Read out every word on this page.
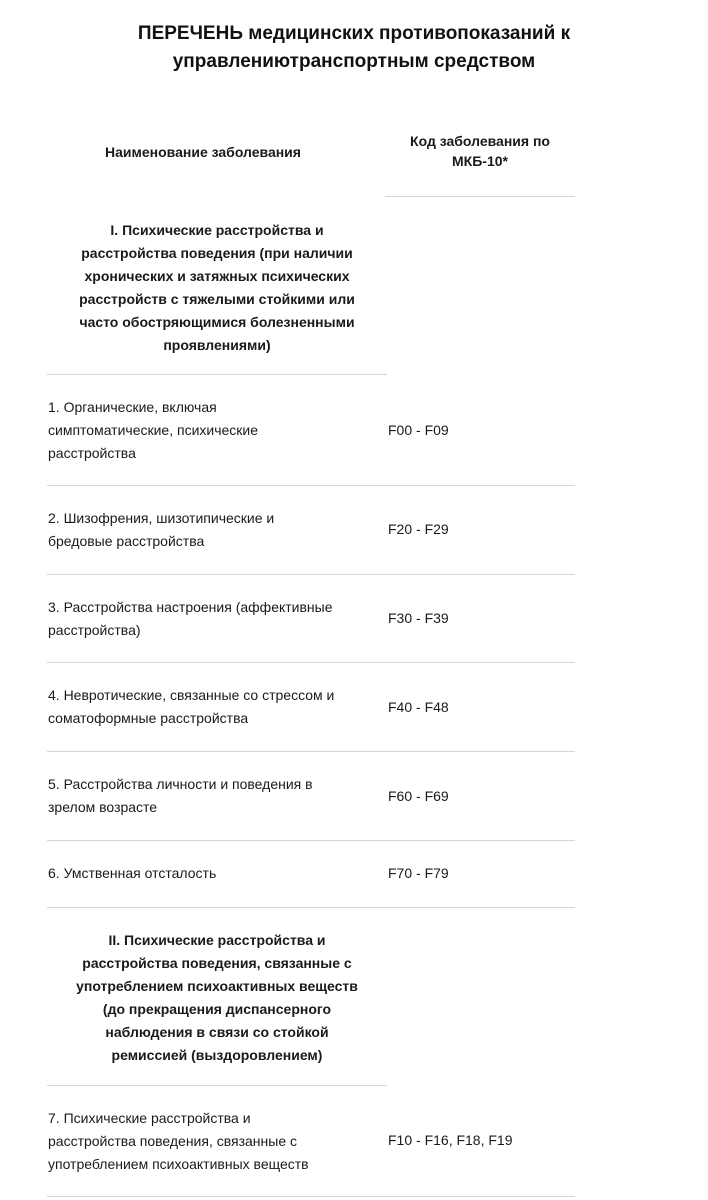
ПЕРЕЧЕНЬ медицинских противопоказаний к
управлениютранспортным средством
Наименование заболевания
Код заболевания по
МКБ-10*
I. Психические расстройства и
расстройства поведения (при наличии
хронических и затяжных психических
расстройств с тяжелыми стойкими или
часто обостряющимися болезненными
проявлениями)
1. Органические, включая
симптоматические, психические
расстройства
F00 - F09
2. Шизофрения, шизотипические и
бредовые расстройства
F20 - F29
3. Расстройства настроения (аффективные
расстройства)
F30 - F39
4. Невротические, связанные со стрессом и
соматоформные расстройства
F40 - F48
5. Расстройства личности и поведения в
зрелом возрасте
F60 - F69
6. Умственная отсталость	F70 - F79
II. Психические расстройства и
расстройства поведения, связанные с
употреблением психоактивных веществ
(до прекращения диспансерного
наблюдения в связи со стойкой
ремиссией (выздоровлением)
7. Психические расстройства и
расстройства поведения, связанные с
употреблением психоактивных веществ
F10 - F16, F18, F19
